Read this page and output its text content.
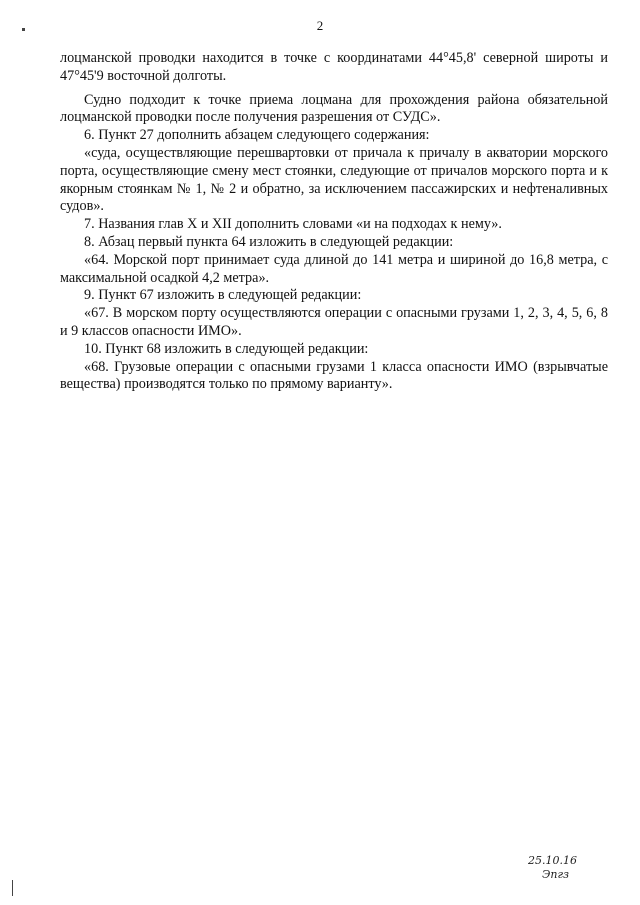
2

лоцманской проводки находится в точке с координатами 44°45,8' северной широты и 47°45'9 восточной долготы.

Судно подходит к точке приема лоцмана для прохождения района обязательной лоцманской проводки после получения разрешения от СУДС».

6. Пункт 27 дополнить абзацем следующего содержания:

«суда, осуществляющие перешвартовки от причала к причалу в акватории морского порта, осуществляющие смену мест стоянки, следующие от причалов морского порта и к якорным стоянкам № 1, № 2 и обратно, за исключением пассажирских и нефтеналивных судов».

7. Названия глав X и XII дополнить словами «и на подходах к нему».

8. Абзац первый пункта 64 изложить в следующей редакции:

«64. Морской порт принимает суда длиной до 141 метра и шириной до 16,8 метра, с максимальной осадкой 4,2 метра».

9. Пункт 67 изложить в следующей редакции:

«67. В морском порту осуществляются операции с опасными грузами 1, 2, 3, 4, 5, 6, 8 и 9 классов опасности ИМО».

10. Пункт 68 изложить в следующей редакции:

«68. Грузовые операции с опасными грузами 1 класса опасности ИМО (взрывчатые вещества) производятся только по прямому варианту».

25.10.16
Эпгз
